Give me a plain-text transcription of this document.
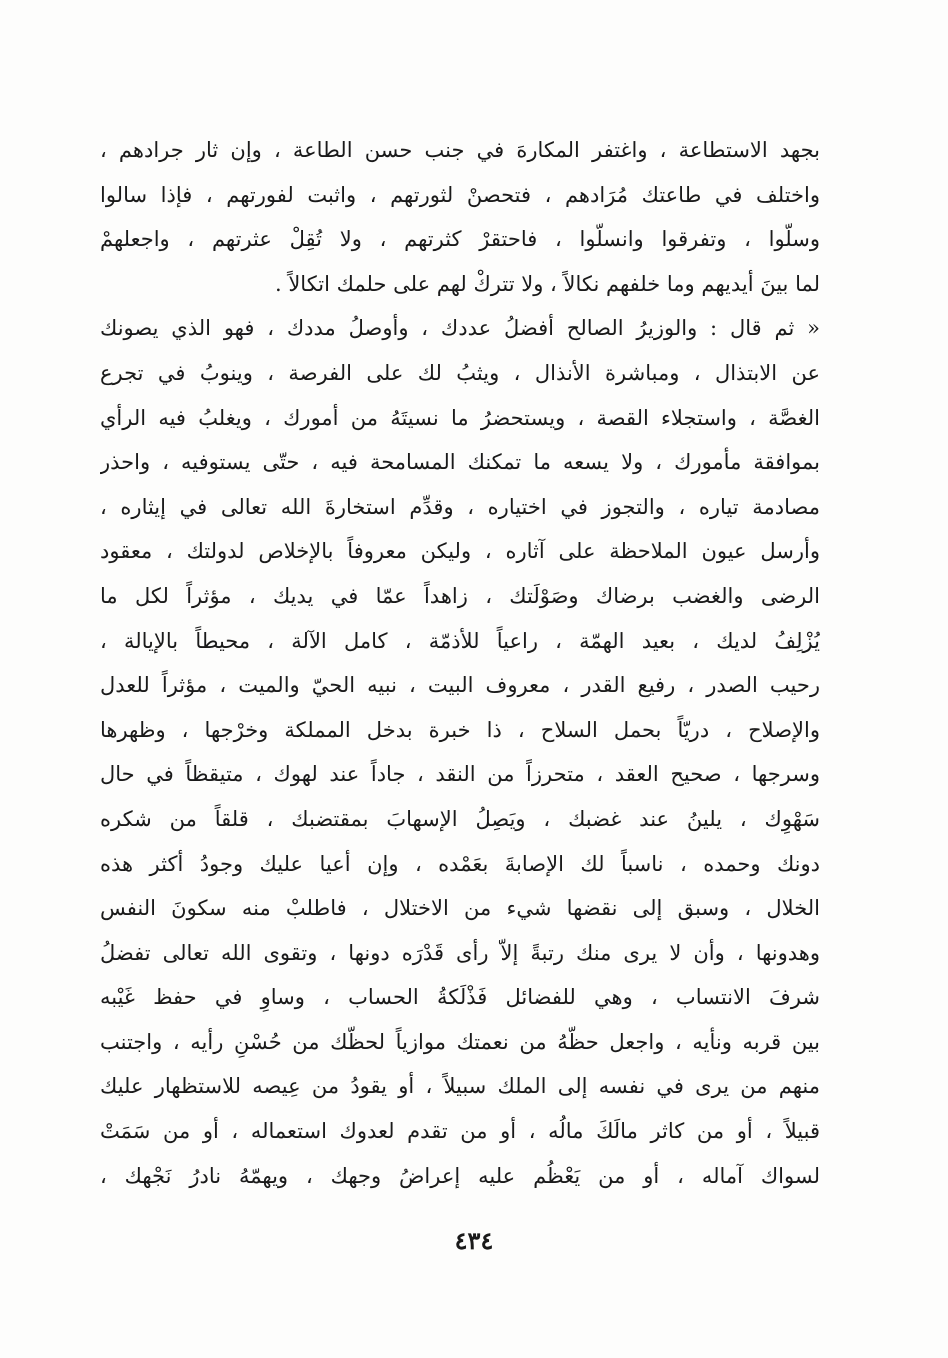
بجهد الاستطاعة ، واغتفر المكارهَ في جنب حسن الطاعة ، وإن ثار جرادهم ،
واختلف في طاعتك مُرَادهم ، فتحصنْ لثورتهم ، واثبت لفورتهم ، فإذا سالوا
وسلّوا ، وتفرقوا وانسلّوا ، فاحتقرْ كثرتهم ، ولا تُقِلْ عثرتهم ، واجعلهمْ
لما بينَ أيديهم وما خلفهم نكالاً ، ولا تتركْ لهم على حلمك اتكالاً .
« ثم قال : والوزيرُ الصالح أفضلُ عددك ، وأوصلُ مددك ، فهو الذي يصونك
عن الابتذال ، ومباشرة الأنذال ، ويثبُ لك على الفرصة ، وينوبُ في تجرع
الغصَّة ، واستجلاء القصة ، ويستحضرُ ما نسيتَهُ من أمورك ، ويغلبُ فيه الرأي
بموافقة مأمورك ، ولا يسعه ما تمكنك المسامحة فيه ، حتّى يستوفيه ، واحذر
مصادمة تياره ، والتجوز في اختياره ، وقدِّم استخارةَ الله تعالى في إيثاره ،
وأرسل عيون الملاحظة على آثاره ، وليكن معروفاً بالإخلاص لدولتك ، معقود
الرضى والغضب برضاك وصَوْلَتك ، زاهداً عمّا في يديك ، مؤثراً لكل ما
يُزْلِفُ لديك ، بعيد الهمّة ، راعياً للأذمّة ، كامل الآلة ، محيطاً بالإيالة ،
رحيب الصدر ، رفيع القدر ، معروف البيت ، نبيه الحيّ والميت ، مؤثراً للعدل
والإصلاح ، دريّاً بحمل السلاح ، ذا خبرة بدخل المملكة وخرْجها ، وظهرها
وسرجها ، صحيح العقد ، متحرزاً من النقد ، جاداً عند لهوك ، متيقظاً في حال
سَهْوِك ، يلينُ عند غضبك ، ويَصِلُ الإسهابَ بمقتضبك ، قلقاً من شكره
دونك وحمده ، ناسباً لك الإصابةَ بعَمْده ، وإن أعيا عليك وجودُ أكثر هذه
الخلال ، وسبق إلى نقضها شيء من الاختلال ، فاطلبْ منه سكونَ النفس
وهدونها ، وأن لا يرى منك رتبةً إلاّ رأى قَدْرَه دونها ، وتقوى الله تعالى تفضلُ
شرفَ الانتساب ، وهي للفضائل فَذْلَكةُ الحساب ، وساوِ في حفظ غَيْبه
بين قربه ونأيه ، واجعل حظّهُ من نعمتك موازياً لحظّك من حُسْنِ رأيه ، واجتنب
منهم من يرى في نفسه إلى الملك سبيلاً ، أو يقودُ من عِيصه للاستظهار عليك
قبيلاً ، أو من كاثر مالَكَ مالُه ، أو من تقدم لعدوك استعماله ، أو من سَمَتْ
لسواك آماله ، أو من يَعْظُم عليه إعراضُ وجهك ، ويهمّهُ نادرُ نَجْهك ،
٤٣٤
